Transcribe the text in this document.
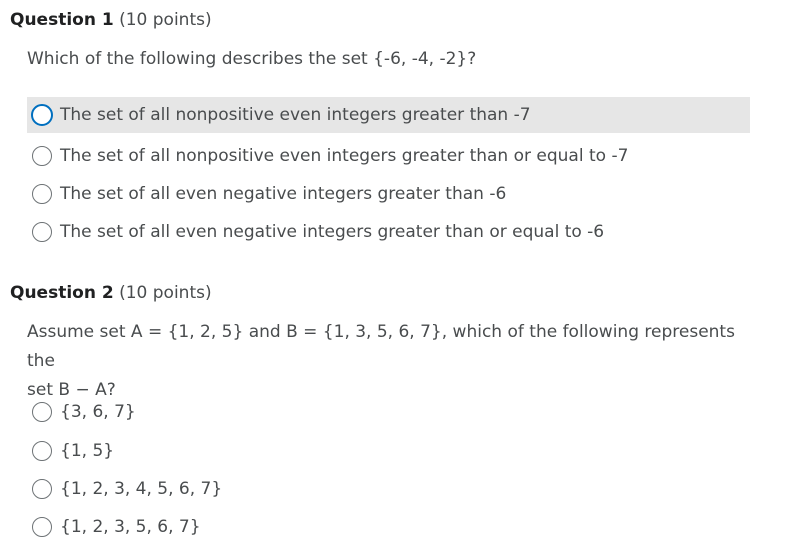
Question 1 (10 points)
Which of the following describes the set {-6, -4, -2}?
The set of all nonpositive even integers greater than -7
The set of all nonpositive even integers greater than or equal to -7
The set of all even negative integers greater than -6
The set of all even negative integers greater than or equal to -6
Question 2 (10 points)
Assume set A = {1, 2, 5} and B = {1, 3, 5, 6, 7}, which of the following represents the
set B − A?
{3, 6, 7}
{1, 5}
{1, 2, 3, 4, 5, 6, 7}
{1, 2, 3, 5, 6, 7}
